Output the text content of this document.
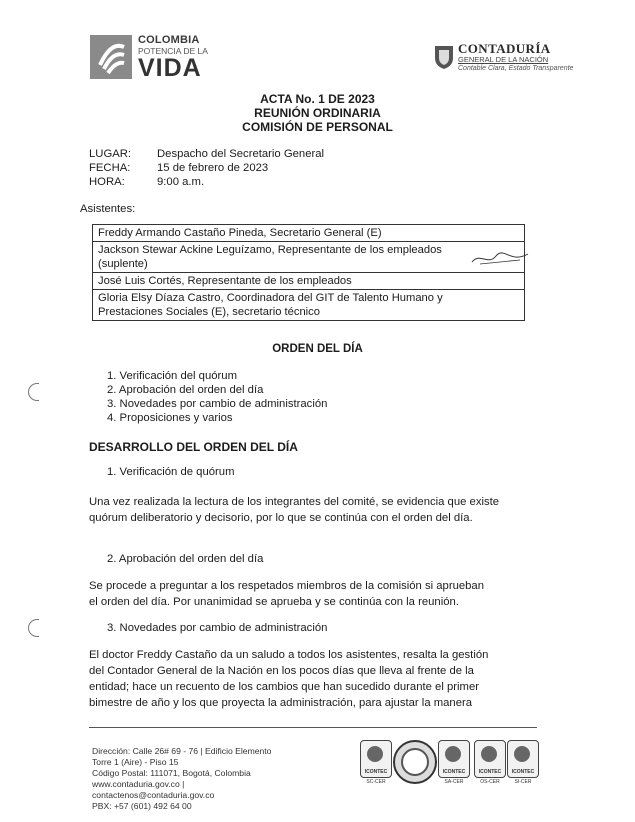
COLOMBIA
POTENCIA DE LA
VIDA
CONTADURÍA
GENERAL DE LA NACIÓN
Contable Clara, Estado Transparente
ACTA No. 1 DE 2023
REUNIÓN ORDINARIA
COMISIÓN DE PERSONAL
LUGAR:	Despacho del Secretario General
FECHA:	15 de febrero de 2023
HORA:	9:00 a.m.
Asistentes:
Freddy Armando Castaño Pineda, Secretario General (E)
Jackson Stewar Ackine Leguízamo, Representante de los empleados
(suplente)
José Luis Cortés, Representante de los empleados
Gloria Elsy Díaza Castro, Coordinadora del GIT de Talento Humano y
Prestaciones Sociales (E), secretario técnico
ORDEN DEL DÍA
1. Verificación del quórum
2. Aprobación del orden del día
3. Novedades por cambio de administración
4. Proposiciones y varios
DESARROLLO DEL ORDEN DEL DÍA
1. Verificación de quórum
Una vez realizada la lectura de los integrantes del comité, se evidencia que existe
quórum deliberatorio y decisorio, por lo que se continúa con el orden del día.
2. Aprobación del orden del día
Se procede a preguntar a los respetados miembros de la comisión si aprueban
el orden del día. Por unanimidad se aprueba y se continúa con la reunión.
3. Novedades por cambio de administración
El doctor Freddy Castaño da un saludo a todos los asistentes, resalta la gestión
del Contador General de la Nación en los pocos días que lleva al frente de la
entidad; hace un recuento de los cambios que han sucedido durante el primer
bimestre de año y los que proyecta la administración, para ajustar la manera
Dirección: Calle 26# 69 - 76 | Edificio Elemento
Torre 1 (Aire) - Piso 15
Código Postal: 111071, Bogotá, Colombia
www.contaduria.gov.co | contactenos@contaduria.gov.co
PBX: +57 (601) 492 64 00
ICONTEC
SC-CER
ICONTEC
SA-CER
ICONTEC
OS-CER
ICONTEC
SI-CER
